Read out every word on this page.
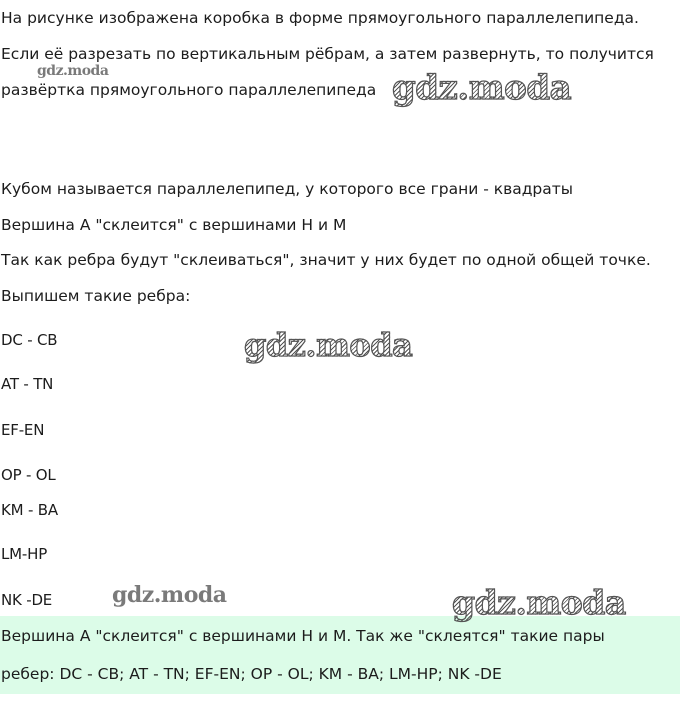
На рисунке изображена коробка в форме прямоугольного параллелепипеда.

Если её разрезать по вертикальным рёбрам, а затем развернуть, то получится

развёртка прямоугольного параллелепипеда

Кубом называется параллелепипед, у которого все грани - квадраты

Вершина А "склеится" с вершинами H и M

Так как ребра будут "склеиваться", значит у них будет по одной общей точке.

Выпишем такие ребра:

DC - CB

AT - TN

EF-EN

OP - OL

KM - BA

LM-HP

NK -DE

Вершина А "склеится" с вершинами H и M. Так же "склеятся" такие пары

ребер: DC - CB; AT - TN; EF-EN; OP - OL; KM - BA; LM-HP; NK -DE

gdz.moda	gdz.moda
gdz.moda
gdz.moda	gdz.moda
